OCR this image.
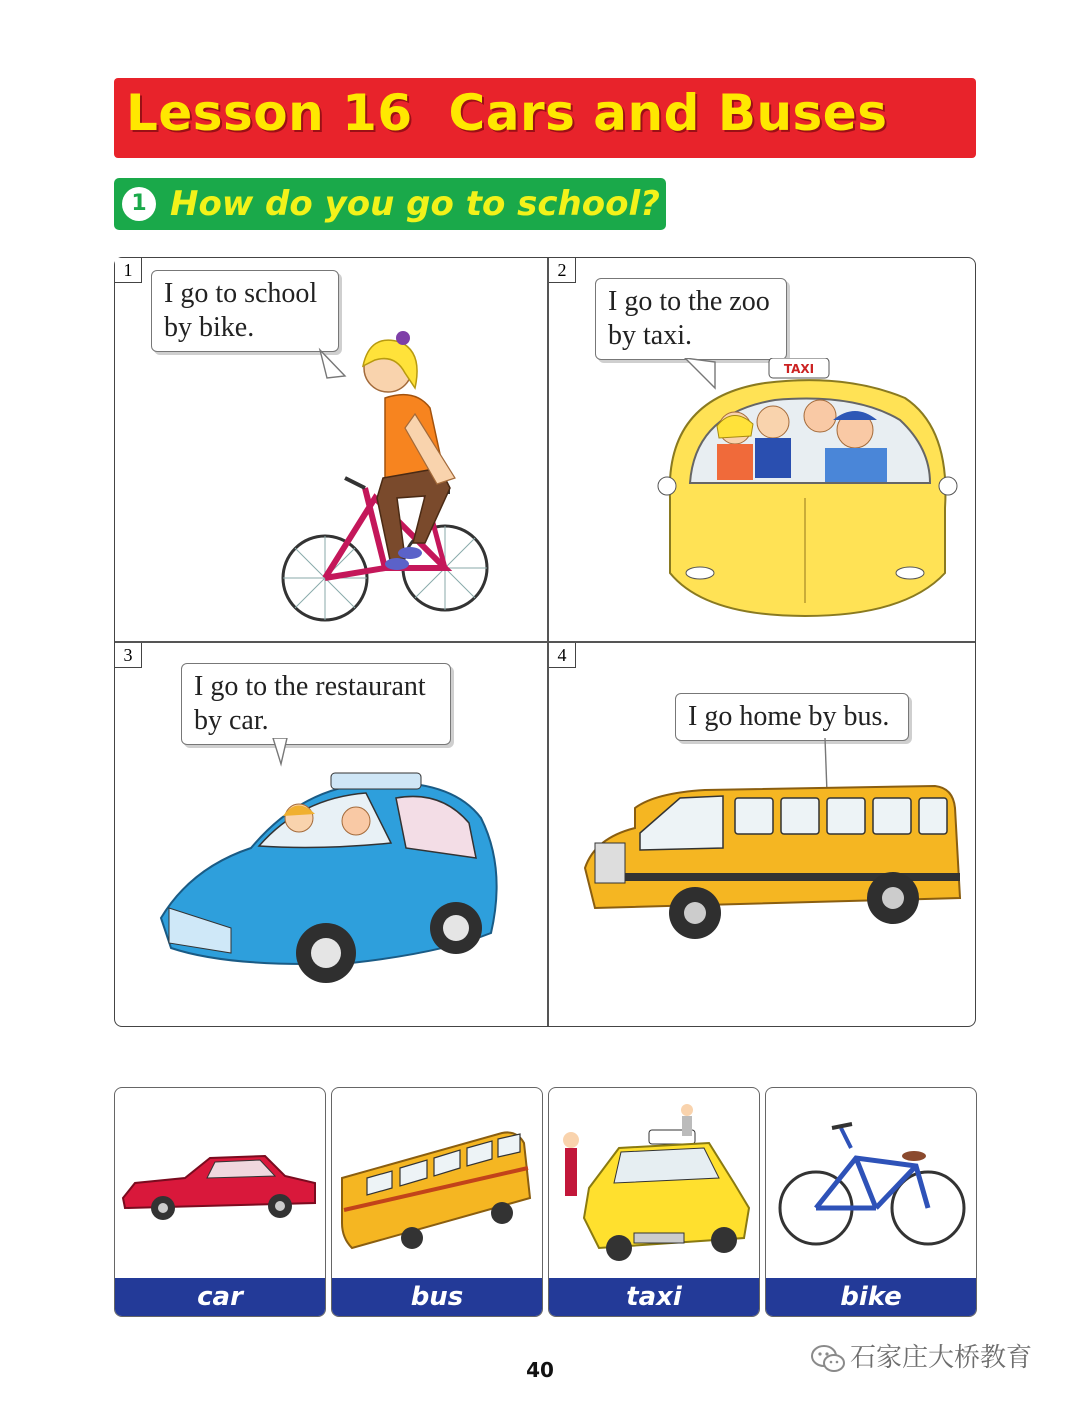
Lesson 16  Cars and Buses
1 How do you go to school?
1
I go to school
by bike.
2
I go to the zoo
by taxi.
TAXI
3
I go to the restaurant
by car.
4
I go home by bus.
car	bus	taxi	bike
40	石家庄大桥教育
